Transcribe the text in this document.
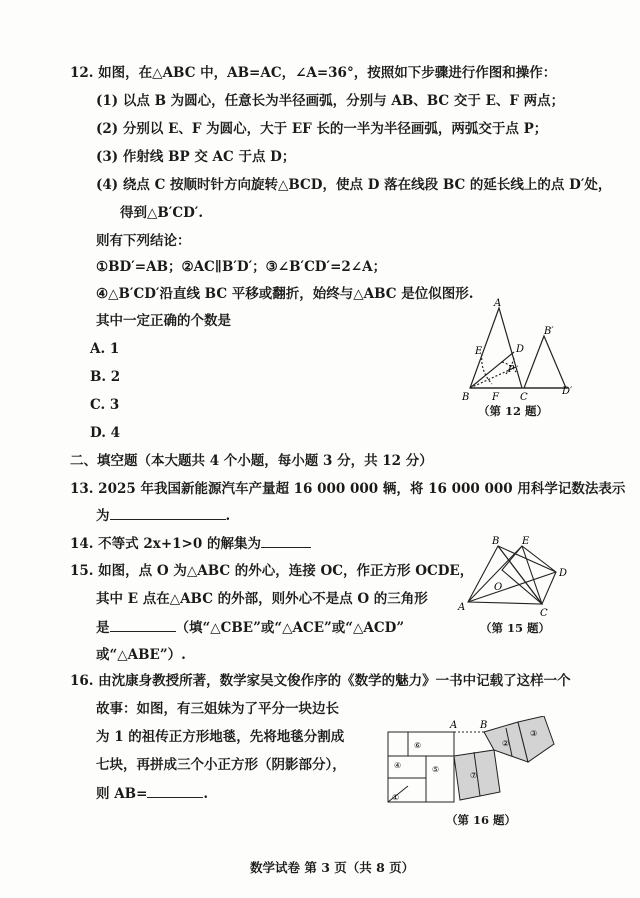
12. 如图，在△ABC 中，AB=AC，∠A=36°，按照如下步骤进行作图和操作：
(1) 以点 B 为圆心，任意长为半径画弧，分别与 AB、BC 交于 E、F 两点；
(2) 分别以 E、F 为圆心，大于 EF 长的一半为半径画弧，两弧交于点 P；
(3) 作射线 BP 交 AC 于点 D；
(4) 绕点 C 按顺时针方向旋转△BCD，使点 D 落在线段 BC 的延长线上的点 D′处，
得到△B′CD′.
则有下列结论：
①BD′=AB；②AC∥B′D′；③∠B′CD′=2∠A；
④△B′CD′沿直线 BC 平移或翻折，始终与△ABC 是位似图形.
其中一定正确的个数是
A. 1
B. 2
C. 3
D. 4
A
E	D
P
B F C
B′
D′
（第 12 题）
二、填空题（本大题共 4 个小题，每小题 3 分，共 12 分）
13. 2025 年我国新能源汽车产量超 16 000 000 辆，将 16 000 000 用科学记数法表示
为	.
14. 不等式 2x+1>0 的解集为
15. 如图，点 O 为△ABC 的外心，连接 OC，作正方形 OCDE，
其中 E 点在△ABC 的外部，则外心不是点 O 的三角形
是	（填“△CBE”或“△ACE”或“△ACD”
或“△ABE”）.
B E
D
O
A
C
（第 15 题）
16. 由沈康身教授所著，数学家吴文俊作序的《数学的魅力》一书中记载了这样一个
故事：如图，有三姐妹为了平分一块边长
为 1 的祖传正方形地毯，先将地毯分割成
七块，再拼成三个小正方形（阴影部分），
则 AB=	.
A B
①
②
③
④	⑤
⑥
⑦
（第 16 题）
数学试卷 第 3 页（共 8 页）
